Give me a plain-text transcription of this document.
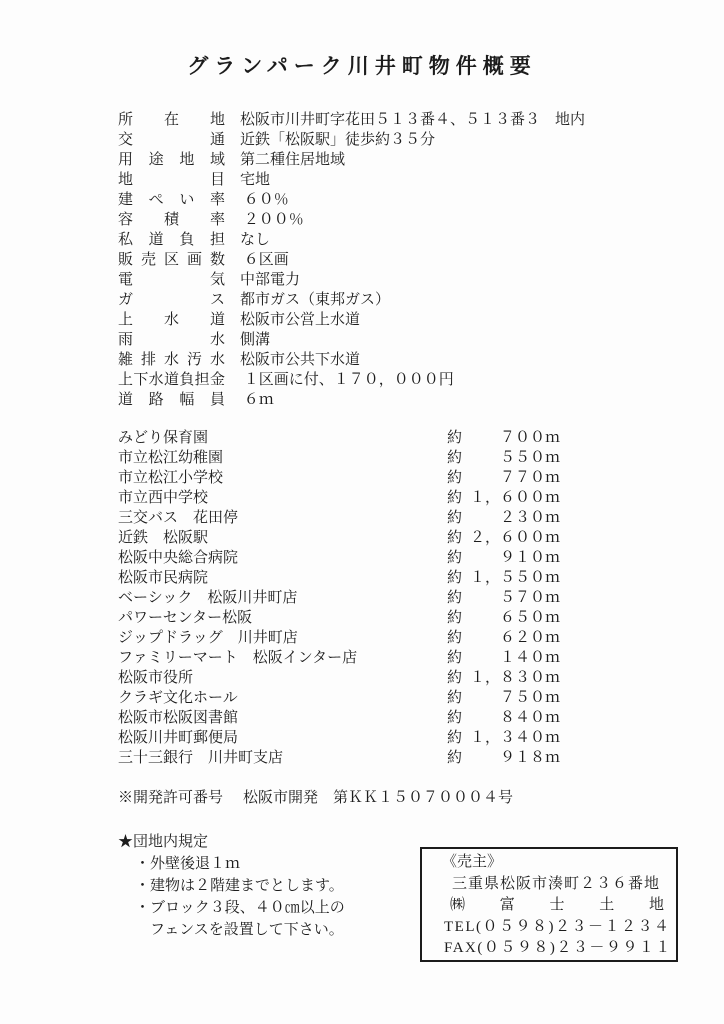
グランパーク川井町物件概要
所在地 松阪市川井町字花田５１３番４、５１３番３　地内
交通 近鉄「松阪駅」徒歩約３５分
用途地域 第二種住居地域
地目 宅地
建ぺい率 ６０％
容積率 ２００％
私道負担 なし
販売区画数 ６区画
電気 中部電力
ガス 都市ガス（東邦ガス）
上水道 松阪市公営上水道
雨水 側溝
雑排水汚水 松阪市公共下水道
上下水道負担金 １区画に付、１７０，０００円
道路幅員 ６ｍ
みどり保育園	約	７００ｍ
市立松江幼稚園	約	５５０ｍ
市立松江小学校	約	７７０ｍ
市立西中学校	約 １，６００ｍ
三交バス　花田停	約	２３０ｍ
近鉄　松阪駅	約 ２，６００ｍ
松阪中央総合病院	約	９１０ｍ
松阪市民病院	約 １，５５０ｍ
ベーシック　松阪川井町店	約	５７０ｍ
パワーセンター松阪	約	６５０ｍ
ジップドラッグ　川井町店	約	６２０ｍ
ファミリーマート　松阪インター店	約	１４０ｍ
松阪市役所	約 １，８３０ｍ
クラギ文化ホール	約	７５０ｍ
松阪市松阪図書館	約	８４０ｍ
松阪川井町郵便局	約 １，３４０ｍ
三十三銀行　川井町支店	約	９１８ｍ
※開発許可番号 松阪市開発　第ＫＫ１５０７０００４号
★団地内規定
・ 外壁後退１ｍ
・ 建物は２階建までとします。
・ ブロック３段、４０㎝以上の
フェンスを設置して下さい。
《売主》
三重県松阪市湊町２３６番地
㈱富士土地
TEL(０５９８)２３－１２３４
FAX(０５９８)２３－９９１１
